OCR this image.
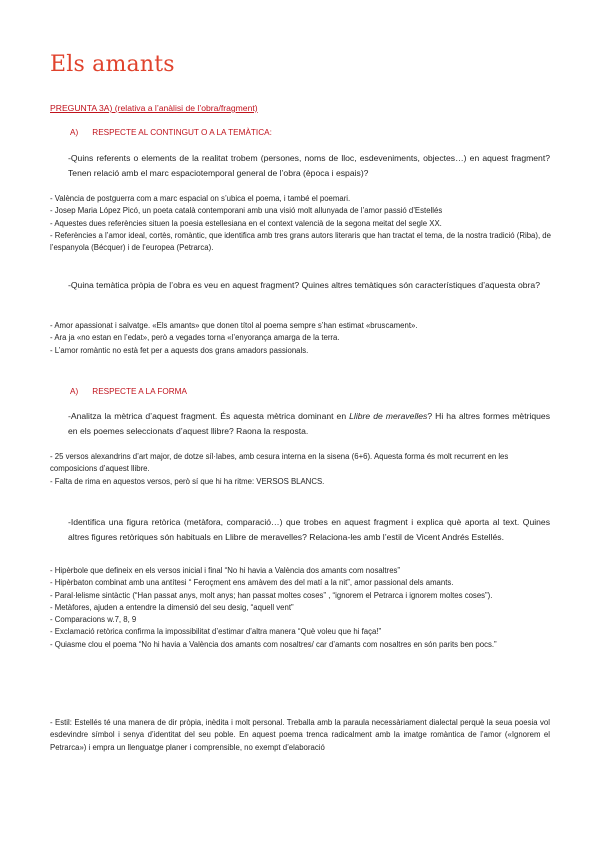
Els amants
PREGUNTA 3A) (relativa a l’anàlisi de l’obra/fragment)
A) RESPECTE AL CONTINGUT O A LA TEMÀTICA:
-Quins referents o elements de la realitat trobem (persones, noms de lloc, esdeveniments, objectes…) en aquest fragment? Tenen relació amb el marc espaciotemporal general de l’obra (època i espais)?
- València de postguerra com a marc espacial on s’ubica el poema, i també el poemari.
- Josep Maria López Picó, un poeta català contemporani amb una visió molt allunyada de l’amor passió d’Estellés
- Aquestes dues referències situen la poesia estellesiana en el context valencià de la segona meitat del segle XX.
- Referències a l’amor ideal, cortès, romàntic, que identifica amb tres grans autors literaris que han tractat el tema, de la nostra tradició (Riba), de l’espanyola (Bécquer) i de l’europea (Petrarca).
-Quina temàtica pròpia de l’obra es veu en aquest fragment? Quines altres temàtiques són característiques d’aquesta obra?
- Amor apassionat i salvatge. «Els amants» que donen títol al poema sempre s’han estimat «bruscament».
- Ara ja «no estan en l’edat», però a vegades torna «l’enyorança amarga de la terra.
- L’amor romàntic no està fet per a aquests dos grans amadors passionals.
A) RESPECTE A LA FORMA
-Analitza la mètrica d’aquest fragment. És aquesta mètrica dominant en Llibre de meravelles? Hi ha altres formes mètriques en els poemes seleccionats d’aquest llibre? Raona la resposta.
- 25 versos alexandrins d’art major, de dotze síl·labes, amb cesura interna en la sisena (6+6). Aquesta forma és molt recurrent en les composicions d’aquest llibre.
- Falta de rima en aquestos versos, però sí que hi ha ritme: VERSOS BLANCS.
-Identifica una figura retòrica (metàfora, comparació…) que trobes en aquest fragment i explica què aporta al text. Quines altres figures retòriques són habituals en Llibre de meravelles? Relaciona-les amb l’estil de Vicent Andrés Estellés.
- Hipèrbole que defineix en els versos inicial i final “No hi havia a València dos amants com nosaltres”
- Hipèrbaton combinat amb una antítesi “ Feroçment ens amàvem des del matí a la nit”, amor passional dels amants.
- Paral·lelisme sintàctic (“Han passat anys, molt anys; han passat moltes coses” , “ignorem el Petrarca i ignorem moltes coses”).
- Metàfores, ajuden a entendre la dimensió del seu desig, “aquell vent”
- Comparacions w.7, 8, 9
- Exclamació retòrica confirma la impossibilitat d’estimar d’altra manera “Què voleu que hi faça!”
- Quiasme clou el poema “No hi havia a València dos amants com nosaltres/ car d’amants com nosaltres en són parits ben pocs.”
- Estil: Estellés té una manera de dir pròpia, inèdita i molt personal. Treballa amb la paraula necessàriament dialectal perquè la seua poesia vol esdevindre símbol i senya d’identitat del seu poble. En aquest poema trenca radicalment amb la imatge romàntica de l’amor («Ignorem el Petrarca») i empra un llenguatge planer i comprensible, no exempt d’elaboració
